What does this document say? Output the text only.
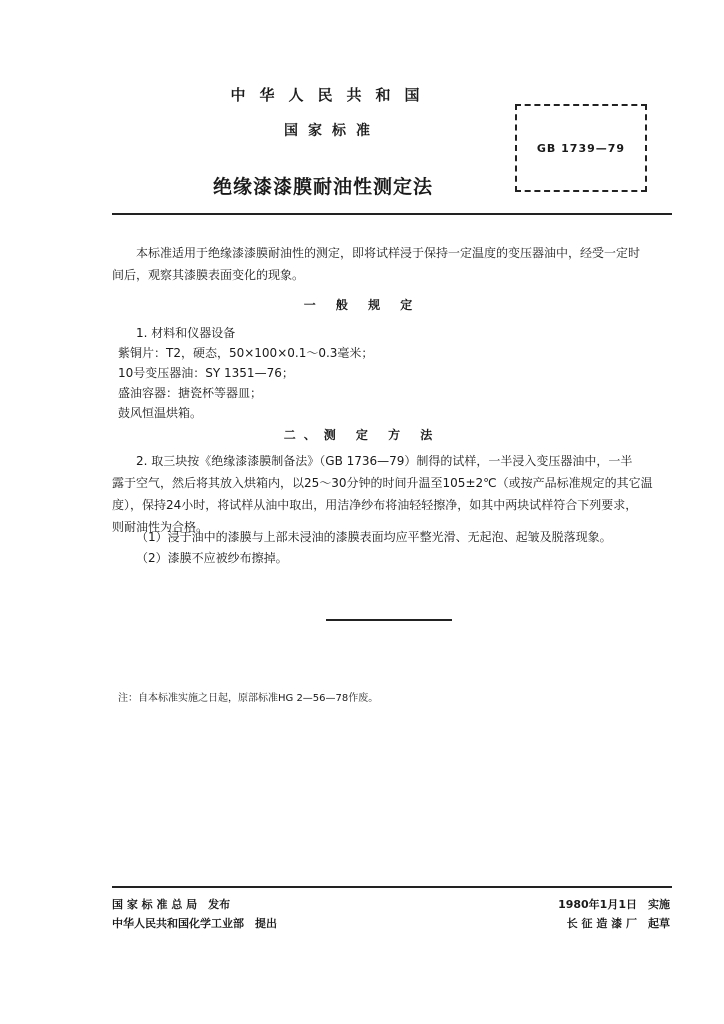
中华人民共和国
国家标准
绝缘漆漆膜耐油性测定法
GB 1739—79
本标准适用于绝缘漆漆膜耐油性的测定，即将试样浸于保持一定温度的变压器油中，经受一定时
间后，观察其漆膜表面变化的现象。
一 般 规 定
1. 材料和仪器设备
紫铜片：T2，硬态，50×100×0.1～0.3毫米；
10号变压器油：SY 1351—76；
盛油容器：搪瓷杯等器皿；
鼓风恒温烘箱。
二、测 定 方 法
2. 取三块按《绝缘漆漆膜制备法》（GB 1736—79）制得的试样，一半浸入变压器油中，一半
露于空气，然后将其放入烘箱内，以25～30分钟的时间升温至105±2℃（或按产品标准规定的其它温
度），保持24小时，将试样从油中取出，用洁净纱布将油轻轻擦净，如其中两块试样符合下列要求，
则耐油性为合格。
（1）浸于油中的漆膜与上部未浸油的漆膜表面均应平整光滑、无起泡、起皱及脱落现象。
（2）漆膜不应被纱布擦掉。
注：自本标准实施之日起，原部标准HG 2—56—78作废。
国 家 标 准 总 局　发布
中华人民共和国化学工业部　提出
1980年1月1日　实施
长 征 造 漆 厂　起草
